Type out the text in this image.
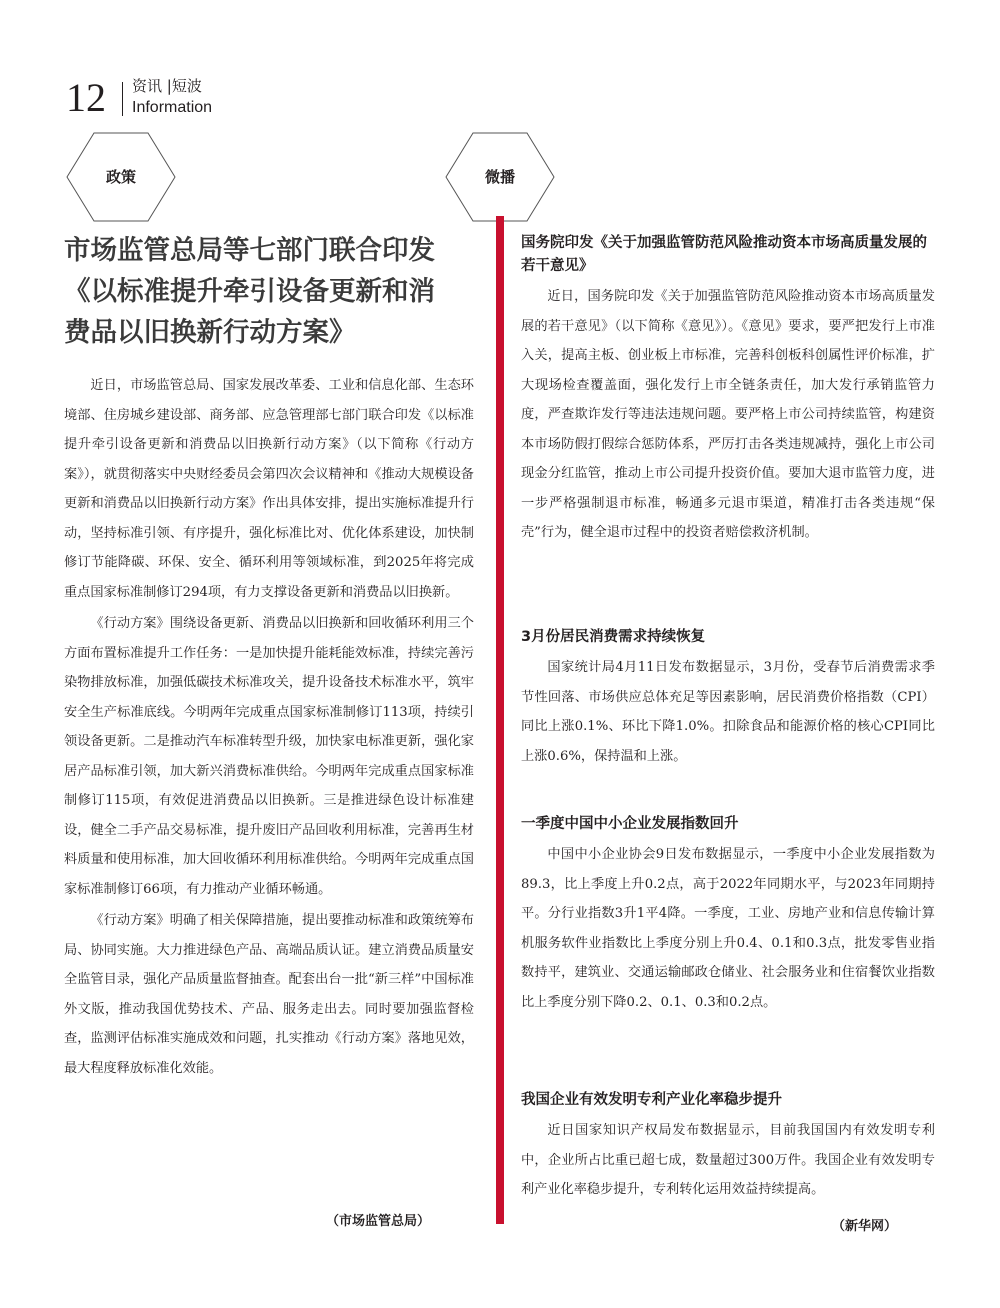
12 资讯 |短波
Information
政策	微播
市场监管总局等七部门联合印发
《以标准提升牵引设备更新和消
费品以旧换新行动方案》

近日，市场监管总局、国家发展改革委、工业和信息化部、生态环境部、住房城乡建设部、商务部、应急管理部七部门联合印发《以标准提升牵引设备更新和消费品以旧换新行动方案》（以下简称《行动方案》），就贯彻落实中央财经委员会第四次会议精神和《推动大规模设备更新和消费品以旧换新行动方案》作出具体安排，提出实施标准提升行动，坚持标准引领、有序提升，强化标准比对、优化体系建设，加快制修订节能降碳、环保、安全、循环利用等领域标准，到2025年将完成重点国家标准制修订294项，有力支撑设备更新和消费品以旧换新。

《行动方案》围绕设备更新、消费品以旧换新和回收循环利用三个方面布置标准提升工作任务：一是加快提升能耗能效标准，持续完善污染物排放标准，加强低碳技术标准攻关，提升设备技术标准水平，筑牢安全生产标准底线。今明两年完成重点国家标准制修订113项，持续引领设备更新。二是推动汽车标准转型升级，加快家电标准更新，强化家居产品标准引领，加大新兴消费标准供给。今明两年完成重点国家标准制修订115项，有效促进消费品以旧换新。三是推进绿色设计标准建设，健全二手产品交易标准，提升废旧产品回收利用标准，完善再生材料质量和使用标准，加大回收循环利用标准供给。今明两年完成重点国家标准制修订66项，有力推动产业循环畅通。

《行动方案》明确了相关保障措施，提出要推动标准和政策统筹布局、协同实施。大力推进绿色产品、高端品质认证。建立消费品质量安全监管目录，强化产品质量监督抽查。配套出台一批“新三样”中国标准外文版，推动我国优势技术、产品、服务走出去。同时要加强监督检查，监测评估标准实施成效和问题，扎实推动《行动方案》落地见效，最大程度释放标准化效能。

（市场监管总局）
国务院印发《关于加强监管防范风险推动资本市场高质量发展的若干意见》

近日，国务院印发《关于加强监管防范风险推动资本市场高质量发展的若干意见》（以下简称《意见》）。《意见》要求，要严把发行上市准入关，提高主板、创业板上市标准，完善科创板科创属性评价标准，扩大现场检查覆盖面，强化发行上市全链条责任，加大发行承销监管力度，严查欺诈发行等违法违规问题。要严格上市公司持续监管，构建资本市场防假打假综合惩防体系，严厉打击各类违规减持，强化上市公司现金分红监管，推动上市公司提升投资价值。要加大退市监管力度，进一步严格强制退市标准，畅通多元退市渠道，精准打击各类违规“保壳”行为，健全退市过程中的投资者赔偿救济机制。

3月份居民消费需求持续恢复

国家统计局4月11日发布数据显示，3月份，受春节后消费需求季节性回落、市场供应总体充足等因素影响，居民消费价格指数（CPI）同比上涨0.1%、环比下降1.0%。扣除食品和能源价格的核心CPI同比上涨0.6%，保持温和上涨。

一季度中国中小企业发展指数回升

中国中小企业协会9日发布数据显示，一季度中小企业发展指数为89.3，比上季度上升0.2点，高于2022年同期水平，与2023年同期持平。分行业指数3升1平4降。一季度，工业、房地产业和信息传输计算机服务软件业指数比上季度分别上升0.4、0.1和0.3点，批发零售业指数持平，建筑业、交通运输邮政仓储业、社会服务业和住宿餐饮业指数比上季度分别下降0.2、0.1、0.3和0.2点。

我国企业有效发明专利产业化率稳步提升

近日国家知识产权局发布数据显示，目前我国国内有效发明专利中，企业所占比重已超七成，数量超过300万件。我国企业有效发明专利产业化率稳步提升，专利转化运用效益持续提高。

（新华网）
